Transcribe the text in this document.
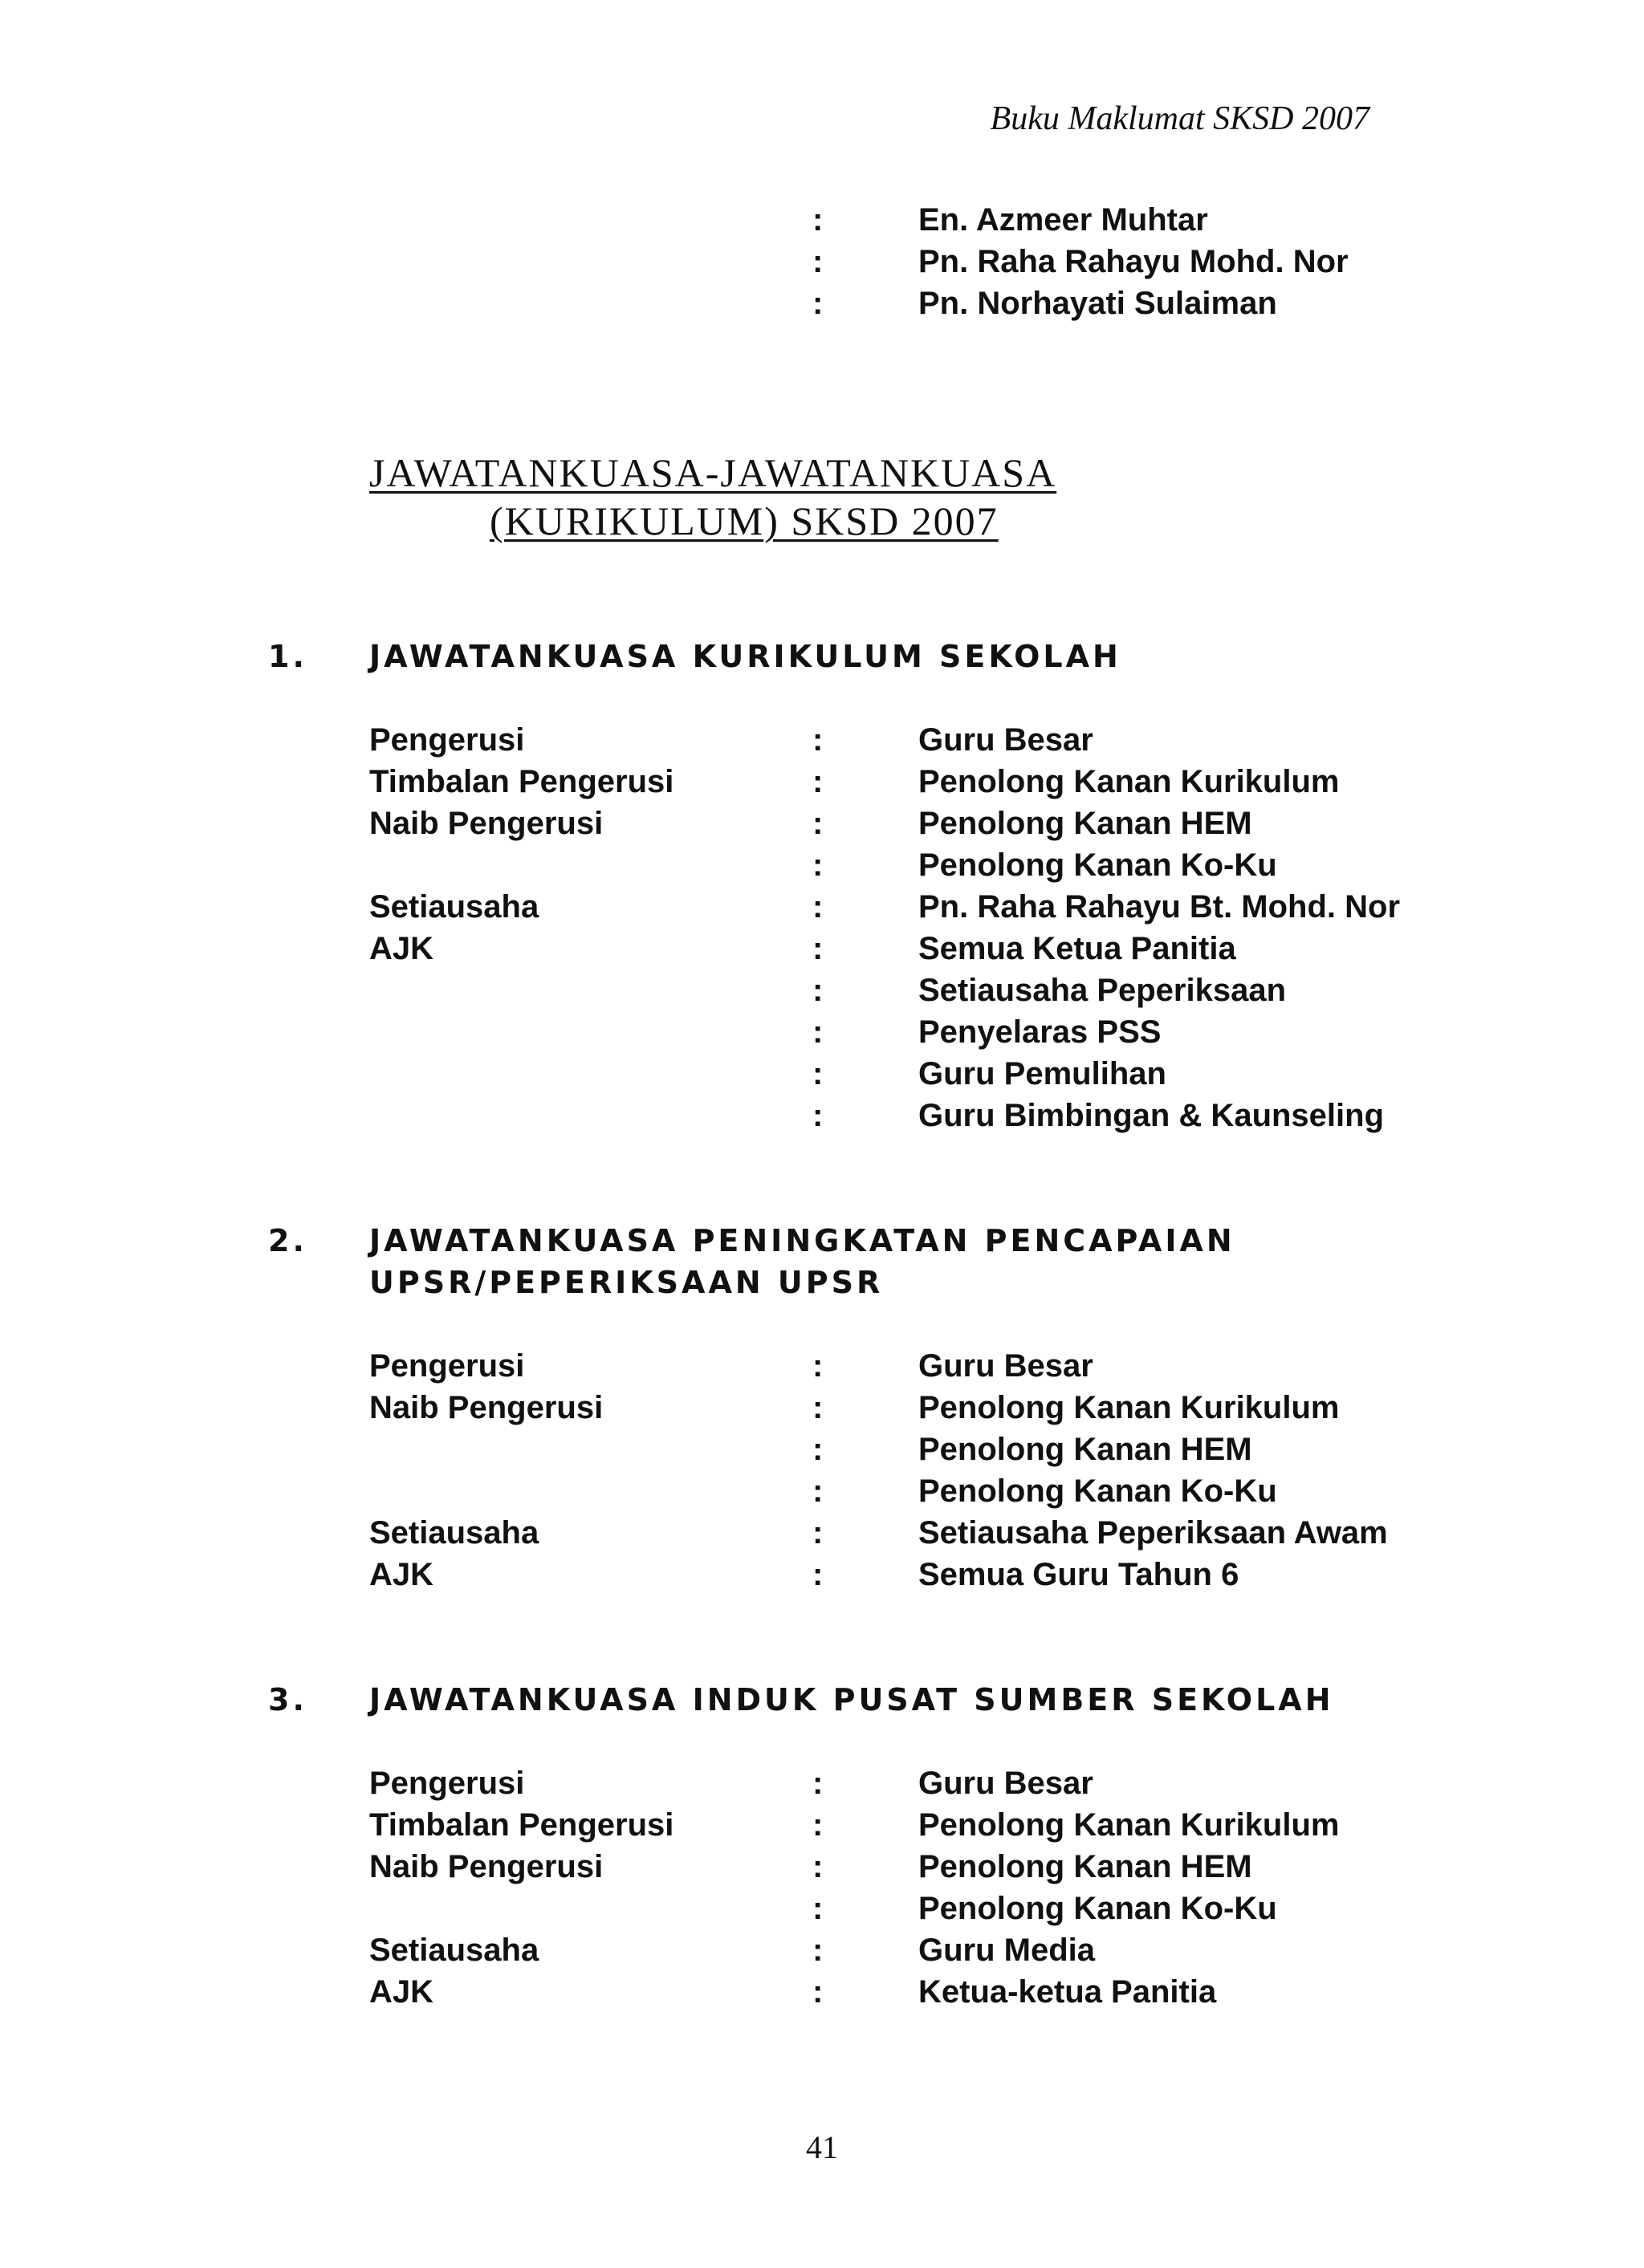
Buku Maklumat SKSD 2007
:	En. Azmeer Muhtar
:	Pn. Raha Rahayu Mohd. Nor
:	Pn. Norhayati Sulaiman
JAWATANKUASA-JAWATANKUASA
(KURIKULUM) SKSD 2007
1. JAWATANKUASA KURIKULUM SEKOLAH
Pengerusi	:	Guru Besar
Timbalan Pengerusi	:	Penolong Kanan Kurikulum
Naib Pengerusi	:	Penolong Kanan HEM
:	Penolong Kanan Ko-Ku
Setiausaha	:	Pn. Raha Rahayu Bt. Mohd. Nor
AJK	:	Semua Ketua Panitia
:	Setiausaha Peperiksaan
:	Penyelaras PSS
:	Guru Pemulihan
:	Guru Bimbingan & Kaunseling
2. JAWATANKUASA PENINGKATAN PENCAPAIAN
UPSR/PEPERIKSAAN UPSR
Pengerusi	:	Guru Besar
Naib Pengerusi	:	Penolong Kanan Kurikulum
:	Penolong Kanan HEM
:	Penolong Kanan Ko-Ku
Setiausaha	:	Setiausaha Peperiksaan Awam
AJK	:	Semua Guru Tahun 6
3. JAWATANKUASA INDUK PUSAT SUMBER SEKOLAH
Pengerusi	:	Guru Besar
Timbalan Pengerusi	:	Penolong Kanan Kurikulum
Naib Pengerusi	:	Penolong Kanan HEM
:	Penolong Kanan Ko-Ku
Setiausaha	:	Guru Media
AJK	:	Ketua-ketua Panitia
41
